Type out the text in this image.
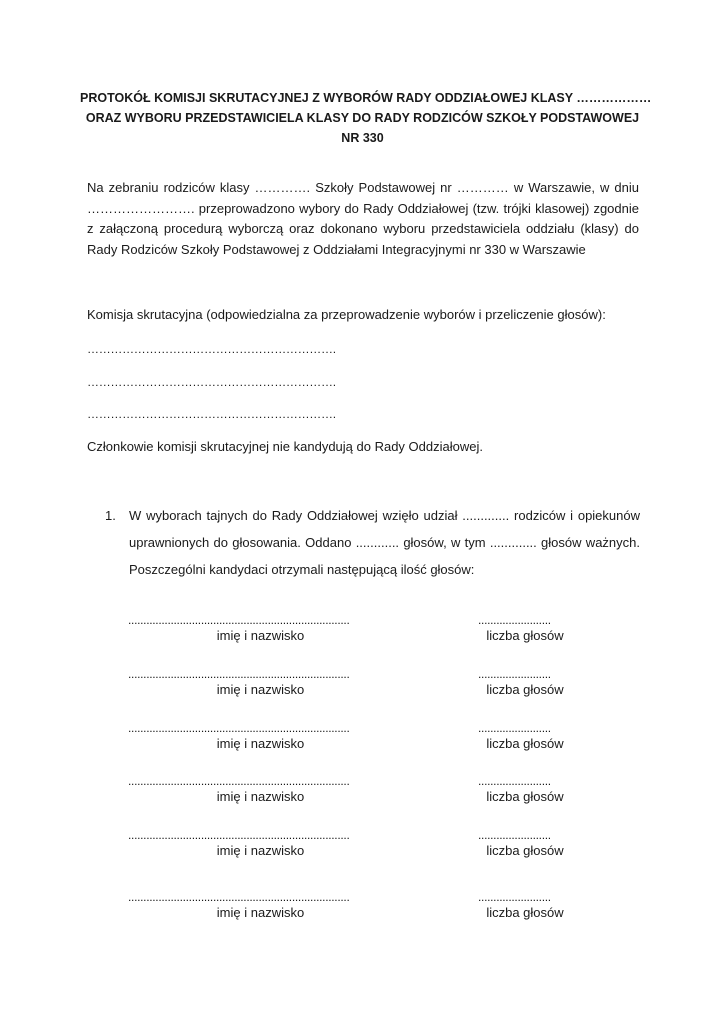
PROTOKÓŁ KOMISJI SKRUTACYJNEJ Z WYBORÓW RADY ODDZIAŁOWEJ KLASY ………………
ORAZ WYBORU PRZEDSTAWICIELA KLASY DO RADY RODZICÓW SZKOŁY PODSTAWOWEJ
NR 330
Na zebraniu rodziców klasy …………. Szkoły Podstawowej nr ………… w Warszawie, w dniu ……………………. przeprowadzono wybory do Rady Oddziałowej (tzw. trójki klasowej) zgodnie z załączoną procedurą wyborczą oraz dokonano wyboru przedstawiciela oddziału (klasy) do Rady Rodziców Szkoły Podstawowej z Oddziałami Integracyjnymi nr 330 w Warszawie
Komisja skrutacyjna (odpowiedzialna za przeprowadzenie wyborów i przeliczenie głosów):
……………………………………………………….
……………………………………………………….
……………………………………………………….
Członkowie komisji skrutacyjnej nie kandydują do Rady Oddziałowej.
1. W wyborach tajnych do Rady Oddziałowej wzięło udział ............. rodziców i opiekunów uprawnionych do głosowania. Oddano ............ głosów, w tym ............. głosów ważnych. Poszczególni kandydaci otrzymali następującą ilość głosów:
.........................................................................
imię i nazwisko
........................
liczba głosów
.........................................................................
imię i nazwisko
........................
liczba głosów
.........................................................................
imię i nazwisko
........................
liczba głosów
.........................................................................
imię i nazwisko
........................
liczba głosów
.........................................................................
imię i nazwisko
........................
liczba głosów
.........................................................................
imię i nazwisko
........................
liczba głosów
